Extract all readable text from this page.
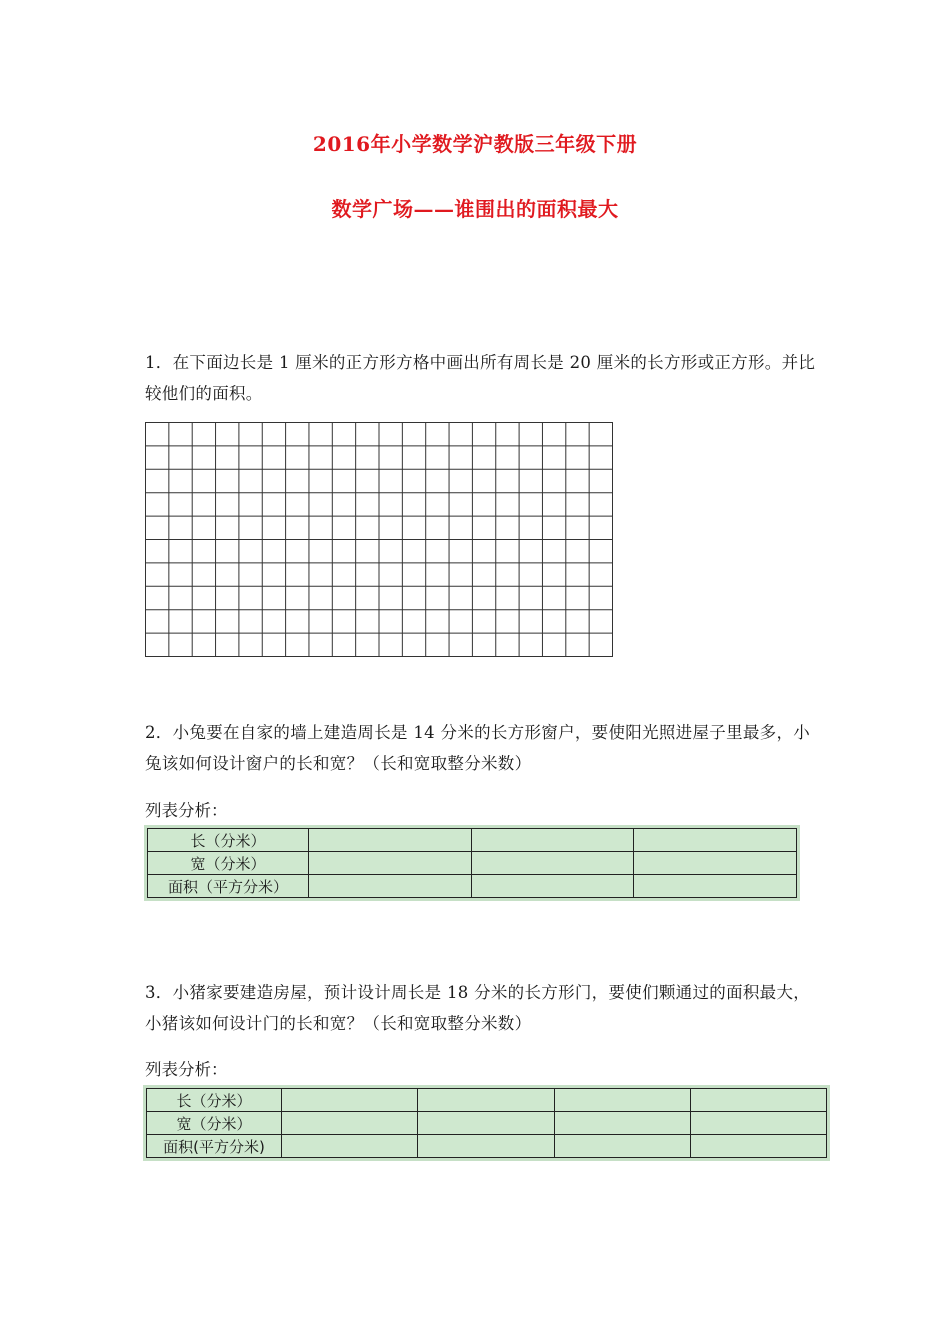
2016年小学数学沪教版三年级下册
数学广场——谁围出的面积最大
1．在下面边长是 1 厘米的正方形方格中画出所有周长是 20 厘米的长方形或正方形。并比较他们的面积。
2．小兔要在自家的墙上建造周长是 14 分米的长方形窗户，要使阳光照进屋子里最多，小兔该如何设计窗户的长和宽？（长和宽取整分米数）
列表分析：
长（分米）			
宽（分米）			
面积（平方分米）			
3．小猪家要建造房屋，预计设计周长是 18 分米的长方形门，要使们颗通过的面积最大，小猪该如何设计门的长和宽？（长和宽取整分米数）
列表分析：
长（分米）				
宽（分米）				
面积(平方分米)				
